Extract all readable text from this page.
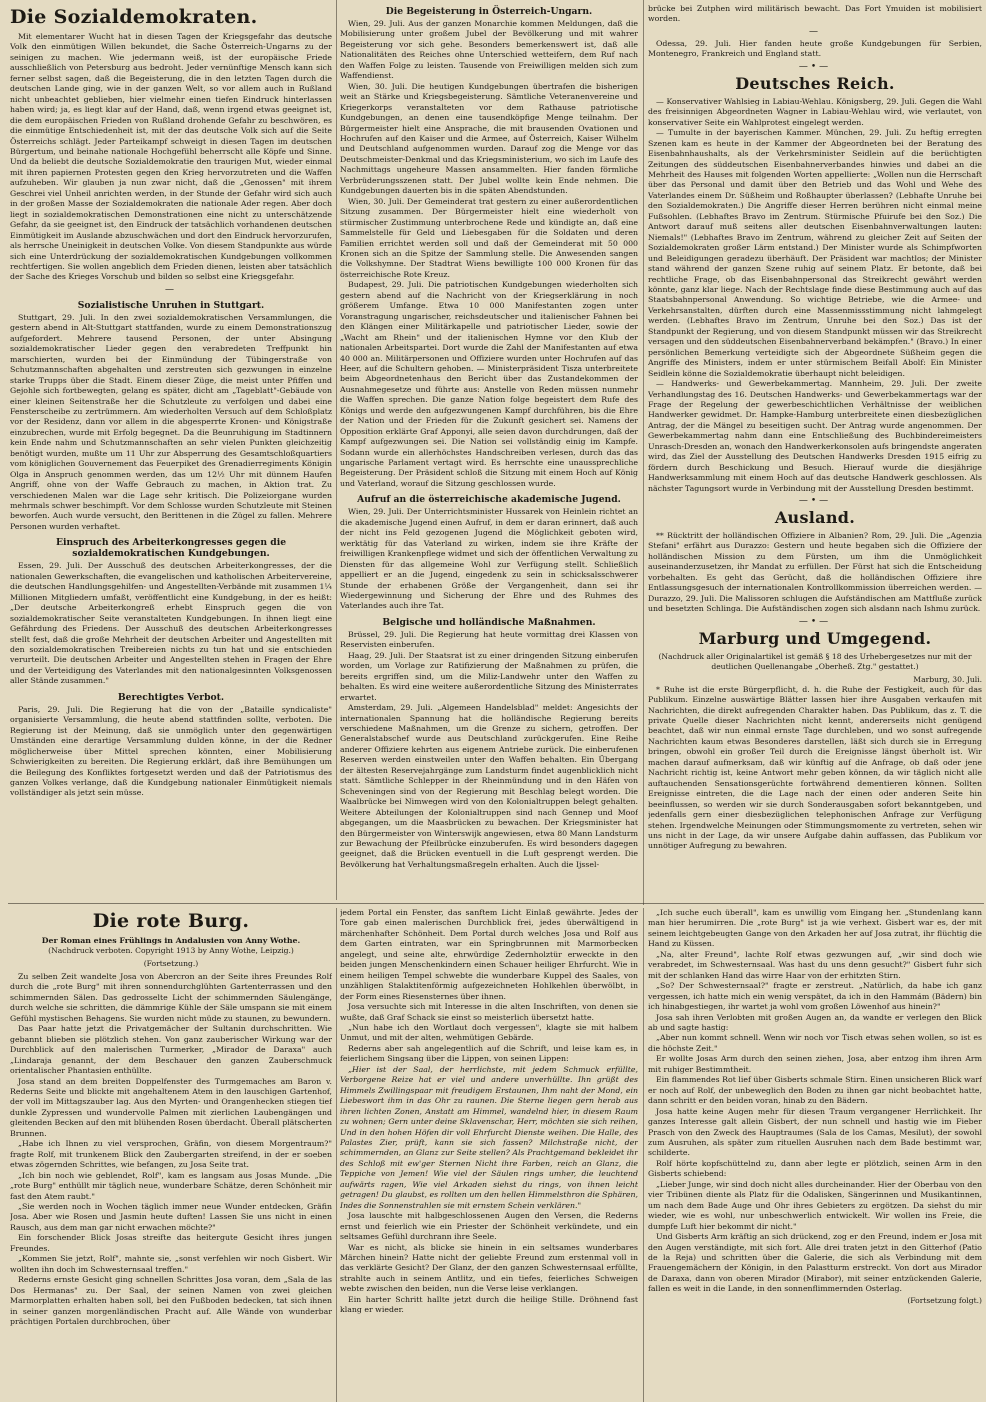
Die Sozialdemokraten.

Mit elementarer Wucht hat in diesen Tagen der Kriegsgefahr das deutsche Volk den einmütigen Willen bekundet, die Sache Österreich-Ungarns zu der seinigen zu machen. Wie jedermann weiß, ist der europäische Friede ausschließlich von Petersburg aus bedroht. Jeder vernünftige Mensch kann sich ferner selbst sagen, daß die Begeisterung, die in den letzten Tagen durch die deutschen Lande ging, wie in der ganzen Welt, so vor allem auch in Rußland nicht unbeachtet geblieben, hier vielmehr einen tiefen Eindruck hinterlassen haben wird; ja, es liegt klar auf der Hand, daß, wenn irgend etwas geeignet ist, die dem europäischen Frieden von Rußland drohende Gefahr zu beschwören, es die einmütige Entschiedenheit ist, mit der das deutsche Volk sich auf die Seite Österreichs schlägt. Jeder Parteikampf schweigt in diesen Tagen im deutschen Bürgertum, und beinahe nationale Hochgefühl beherrscht alle Köpfe und Sinne. Und da beliebt die deutsche Sozialdemokratie den traurigen Mut, wieder einmal mit ihren papiernen Protesten gegen den Krieg hervorzutreten und die Waffen aufzuheben. Wir glauben ja nun zwar nicht, daß die „Genossen" mit ihrem Geschrei viel Unheil anrichten werden, in der Stunde der Gefahr wird sich auch in der großen Masse der Sozialdemokraten die nationale Ader regen. Aber doch liegt in sozialdemokratischen Demonstrationen eine nicht zu unterschätzende Gefahr, da sie geeignet ist, den Eindruck der tatsächlich vorhandenen deutschen Einmütigkeit im Auslande abzuschwächen und dort den Eindruck hervorzurufen, als herrsche Uneinigkeit in deutschen Volke. Von diesem Standpunkte aus würde sich eine Unterdrückung der sozialdemokratischen Kundgebungen vollkommen rechtfertigen. Sie wollen angeblich dem Frieden dienen, leisten aber tatsächlich der Sache des Krieges Vorschub und bilden so selbst eine Kriegsgefahr.

—
Sozialistische Unruhen in Stuttgart.

Stuttgart, 29. Juli. In den zwei sozialdemokratischen Versammlungen, die gestern abend in Alt-Stuttgart stattfanden, wurde zu einem Demonstrationszug aufgefordert. Mehrere tausend Personen, der unter Absingung sozialdemokratischer Lieder gegen den verabredeten Treffpunkt hin marschierten, wurden bei der Einmündung der Tübingerstraße von Schutzmannschaften abgehalten und zerstreuten sich gezwungen in einzelne starke Trupps über die Stadt. Einem dieser Züge, die meist unter Pfiffen und Gejohle sich fortbewegten, gelang es später, dicht am „Tageblatt"-Gebäude von einer kleinen Seitenstraße her die Schutzleute zu verfolgen und dabei eine Fensterscheibe zu zertrümmern. Am wiederholten Versuch auf dem Schloßplatz vor der Residenz, dann vor allem in die abgesperrte Kronen- und Königstraße einzubrechen, wurde mit Erfolg begegnet. Da die Beunruhigung im Stadtinnern kein Ende nahm und Schutzmannschaften an sehr vielen Punkten gleichzeitig benötigt wurden, mußte um 11 Uhr zur Absperrung des Gesamtschloßquartiers vom königlichen Gouvernement das Feuerpiket des Grenadierregiments Königin Olga in Anspruch genommen werden, das um 12½ Uhr mit dünnem Haufen Angriff, ohne von der Waffe Gebrauch zu machen, in Aktion trat. Zu verschiedenen Malen war die Lage sehr kritisch. Die Polizeiorgane wurden mehrmals schwer beschimpft. Vor dem Schlosse wurden Schutzleute mit Steinen beworfen. Auch wurde versucht, den Berittenen in die Zügel zu fallen. Mehrere Personen wurden verhaftet.

Einspruch des Arbeiterkongresses gegen die sozialdemokratischen Kundgebungen.

Essen, 29. Juli. Der Ausschuß des deutschen Arbeiterkongresses, der die nationalen Gewerkschaften, die evangelischen und katholischen Arbeitervereine, die deutschen Handlungsgehilfen- und Angestellten-Verbände mit zusammen 1¼ Millionen Mitgliedern umfaßt, veröffentlicht eine Kundgebung, in der es heißt: „Der deutsche Arbeiterkongreß erhebt Einspruch gegen die von sozialdemokratischer Seite veranstalteten Kundgebungen. In ihnen liegt eine Gefährdung des Friedens. Der Ausschuß des deutschen Arbeiterkongresses stellt fest, daß die große Mehrheit der deutschen Arbeiter und Angestellten mit den sozialdemokratischen Treibereien nichts zu tun hat und sie entschieden verurteilt. Die deutschen Arbeiter und Angestellten stehen in Fragen der Ehre und der Verteidigung des Vaterlandes mit den nationalgesinnten Volksgenossen aller Stände zusammen."

Berechtigtes Verbot.

Paris, 29. Juli. Die Regierung hat die von der „Bataille syndicaliste" organisierte Versammlung, die heute abend stattfinden sollte, verboten. Die Regierung ist der Meinung, daß sie unmöglich unter den gegenwärtigen Umständen eine derartige Versammlung dulden könne, in der die Redner möglicherweise über Mittel sprechen könnten, einer Mobilisierung Schwierigkeiten zu bereiten. Die Regierung erklärt, daß ihre Bemühungen um die Beilegung des Konfliktes fortgesetzt werden und daß der Patriotismus des ganzen Volkes verlange, daß die Kundgebung nationaler Einmütigkeit niemals vollständiger als jetzt sein müsse.

Die Begeisterung in Österreich-Ungarn.

Wien, 29. Juli. Aus der ganzen Monarchie kommen Meldungen, daß die Mobilisierung unter großem Jubel der Bevölkerung und mit wahrer Begeisterung vor sich gehe. Besonders bemerkenswert ist, daß alle Nationalitäten des Reiches ohne Unterschied wetteifern, dem Ruf nach den Waffen Folge zu leisten. Tausende von Freiwilligen melden sich zum Waffendienst.

Wien, 30. Juli. Die heutigen Kundgebungen übertrafen die bisherigen weit an Stärke und Kriegsbegeisterung. Sämtliche Veteranenvereine und Kriegerkorps veranstalteten vor dem Rathause patriotische Kundgebungen, an denen eine tausendköpfige Menge teilnahm. Der Bürgermeister hielt eine Ansprache, die mit brausenden Ovationen und Hochrufen auf den Kaiser und die Armee, auf Österreich, Kaiser Wilhelm und Deutschland aufgenommen wurden. Darauf zog die Menge vor das Deutschmeister-Denkmal und das Kriegsministerium, wo sich im Laufe des Nachmittags ungeheure Massen ansammelten. Hier fanden förmliche Verbrüderungsszenen statt. Der Jubel wollte kein Ende nehmen. Die Kundgebungen dauerten bis in die späten Abendstunden.

Wien, 30. Juli. Der Gemeinderat trat gestern zu einer außerordentlichen Sitzung zusammen. Der Bürgermeister hielt eine wiederholt von stürmischer Zustimmung unterbrochene Rede und kündigte an, daß eine Sammelstelle für Geld und Liebesgaben für die Soldaten und deren Familien errichtet werden soll und daß der Gemeinderat mit 50 000 Kronen sich an die Spitze der Sammlung stelle. Die Anwesenden sangen die Volkshymne. Der Stadtrat Wiens bewilligte 100 000 Kronen für das österreichische Rote Kreuz.

Budapest, 29. Juli. Die patriotischen Kundgebungen wiederholten sich gestern abend auf die Nachricht von der Kriegserklärung in noch größerem Umfange. Etwa 10 000 Manifestanten zogen unter Voranstragung ungarischer, reichsdeutscher und italienischer Fahnen bei den Klängen einer Militärkapelle und patriotischer Lieder, sowie der „Wacht am Rhein" und der italienischen Hymne vor den Klub der nationalen Arbeitspartei. Dort wurde die Zahl der Manifestanten auf etwa 40 000 an. Militärpersonen und Offiziere wurden unter Hochrufen auf das Heer, auf die Schultern gehoben. — Ministerpräsident Tisza unterbreitete beim Abgeordnetenhaus den Bericht über das Zustandekommen der Ausnahmegesetze und führte aus: Anstelle von Reden müssen nunmehr die Waffen sprechen. Die ganze Nation folge begeistert dem Rufe des Königs und werde den aufgezwungenen Kampf durchführen, bis die Ehre der Nation und der Frieden für die Zukunft gesichert sei. Namens der Opposition erklärte Graf Apponyi, alle seien davon durchdrungen, daß der Kampf aufgezwungen sei. Die Nation sei vollständig einig im Kampfe. Sodann wurde ein allerhöchstes Handschreiben verlesen, durch das das ungarische Parlament vertagt wird. Es herrschte eine unaussprechliche Begeisterung. Der Präsident schloß die Sitzung mit einem Hoch auf König und Vaterland, worauf die Sitzung geschlossen wurde.

Aufruf an die österreichische akademische Jugend.

Wien, 29. Juli. Der Unterrichtsminister Hussarek von Heinlein richtet an die akademische Jugend einen Aufruf, in dem er daran erinnert, daß auch der nicht ins Feld gezogenen Jugend die Möglichkeit geboten wird, werktätig für das Vaterland zu wirken, indem sie ihre Kräfte der freiwilligen Krankenpflege widmet und sich der öffentlichen Verwaltung zu Diensten für das allgemeine Wohl zur Verfügung stellt. Schließlich appelliert er an die Jugend, eingedenk zu sein in schicksalsschwerer Stunde der erhabenen Größe der Vergangenheit, dann sei ihr Wiedergewinnung und Sicherung der Ehre und des Ruhmes des Vaterlandes auch ihre Tat.

Belgische und holländische Maßnahmen.

Brüssel, 29. Juli. Die Regierung hat heute vormittag drei Klassen von Reservisten einberufen.

Haag, 29. Juli. Der Staatsrat ist zu einer dringenden Sitzung einberufen worden, um Vorlage zur Ratifizierung der Maßnahmen zu prüfen, die bereits ergriffen sind, um die Miliz-Landwehr unter den Waffen zu behalten. Es wird eine weitere außerordentliche Sitzung des Ministerrates erwartet.

Amsterdam, 29. Juli. „Algemeen Handelsblad" meldet: Angesichts der internationalen Spannung hat die holländische Regierung bereits verschiedene Maßnahmen, um die Grenze zu sichern, getroffen. Der Generalstabschef wurde aus Deutschland zurückgerufen. Eine Reihe anderer Offiziere kehrten aus eigenem Antriebe zurück. Die einberufenen Reserven werden einstweilen unter den Waffen behalten. Ein Übergang der ältesten Reservejahrgänge zum Landsturm findet augenblicklich nicht statt. Sämtliche Schlepper in der Rheinmündung und in den Häfen von Scheveningen sind von der Regierung mit Beschlag belegt worden. Die Waalbrücke bei Nimwegen wird von den Kolonialtruppen belegt gehalten. Weitere Abteilungen der Kolonialtruppen sind nach Gennep und Moof abgegangen, um die Maasbrücken zu bewachen. Der Kriegsminister hat den Bürgermeister von Winterswijk angewiesen, etwa 80 Mann Landsturm zur Bewachung der Pfeilbrücke einzuberufen. Es wird besonders dagegen geeignet, daß die Brücken eventuell in die Luft gesprengt werden. Die Bevölkerung hat Verhaltungsmaßregeln erhalten. Auch die Ijssel-

brücke bei Zutphen wird militärisch bewacht. Das Fort Ymuiden ist mobilisiert worden.

—

Odessa, 29. Juli. Hier fanden heute große Kundgebungen für Serbien, Montenegro, Frankreich und England statt.

—•—
Deutsches Reich.

— Konservativer Wahlsieg in Labiau-Wehlau. Königsberg, 29. Juli. Gegen die Wahl des freisinnigen Abgeordneten Wagner in Labiau-Wehlau wird, wie verlautet, von konservativer Seite ein Wahlprotest eingelegt werden.

— Tumulte in der bayerischen Kammer. München, 29. Juli. Zu heftig erregten Szenen kam es heute in der Kammer der Abgeordneten bei der Beratung des Eisenbahnhaushalts, als der Verkehrsminister Seidlein auf die berüchtigten Zeitungen des süddeutschen Eisenbahnerverbandes hinwies und dabei an die Mehrheit des Hauses mit folgenden Worten appellierte: „Wollen nun die Herrschaft über das Personal und damit über den Betrieb und das Wohl und Wehe des Vaterlandes einem Dr. Süßheim und Roßhaupter überlassen? (Lebhafte Unruhe bei den Sozialdemokraten.) Die Angriffe dieser Herren berühren nicht einmal meine Fußsohlen. (Lebhaftes Bravo im Zentrum. Stürmische Pfuirufe bei den Soz.) Die Antwort darauf muß seitens aller deutschen Eisenbahnverwaltungen lauten: Niemals!" (Lebhaftes Bravo im Zentrum, während zu gleicher Zeit auf Seiten der Sozialdemokraten großer Lärm entstand.) Der Minister wurde als Schimpfworten und Beleidigungen geradezu überhäuft. Der Präsident war machtlos; der Minister stand während der ganzen Szene ruhig auf seinem Platz. Er betonte, daß bei rechtliche Frage, ob das Eisenbahnpersonal das Streikrecht gewährt werden könnte, ganz klar liege. Nach der Rechtslage finde diese Bestimmung auch auf das Staatsbahnpersonal Anwendung. So wichtige Betriebe, wie die Armee- und Verkehrsanstalten, dürften durch eine Massenmissstimmung nicht lahmgelegt werden. (Lebhaftes Bravo im Zentrum, Unruhe bei den Soz.) Das ist der Standpunkt der Regierung, und von diesem Standpunkt müssen wir das Streikrecht versagen und den süddeutschen Eisenbahnerverband bekämpfen." (Bravo.) In einer persönlichen Bemerkung verteidigte sich der Abgeordnete Süßheim gegen die Angriffe des Ministers, indem er unter stürmischem Beifall Abolf: Ein Minister Seidlein könne die Sozialdemokratie überhaupt nicht beleidigen.

— Handwerks- und Gewerbekammertag. Mannheim, 29. Juli. Der zweite Verhandlungstag des 16. Deutschen Handwerks- und Gewerbekammertags war der Frage der Regelung der gewerbeschichtlichen Verhältnisse der weiblichen Handwerker gewidmet. Dr. Hampke-Hamburg unterbreitete einen diesbezüglichen Antrag, der die Mängel zu beseitigen sucht. Der Antrag wurde angenommen. Der Gewerbekammertag nahm dann eine Entschließung des Buchbindereimeisters Unrasch-Dresden an, wonach den Handwerkerkonsolen aufs bringendste angeraten wird, das Ziel der Ausstellung des Deutschen Handwerks Dresden 1915 eifrig zu fördern durch Beschickung und Besuch. Hierauf wurde die diesjährige Handwerksammlung mit einem Hoch auf das deutsche Handwerk geschlossen. Als nächster Tagungsort wurde in Verbindung mit der Ausstellung Dresden bestimmt.

—•—
Ausland.

** Rücktritt der holländischen Offiziere in Albanien? Rom, 29. Juli. Die „Agenzia Stefani" erfährt aus Durazzo: Gestern und heute begaben sich die Offiziere der holländischen Mission zu dem Fürsten, um ihm die Unmöglichkeit auseinanderzusetzen, ihr Mandat zu erfüllen. Der Fürst hat sich die Entscheidung vorbehalten. Es geht das Gerücht, daß die holländischen Offiziere ihre Entlassungsgesuch der internationalen Kontrollkommission überreichen werden. — Durazzo, 29. Juli. Die Malissoren schlugen die Aufständischen am Mattfluße zurück und besetzten Schlinga. Die Aufständischen zogen sich alsdann nach Ishmu zurück.

—•—
Marburg und Umgegend.
(Nachdruck aller Originalartikel ist gemäß § 18 des Urhebergesetzes nur mit der deutlichen Quellenangabe „Oberheß. Ztg." gestattet.)
Marburg, 30. Juli.

* Ruhe ist die erste Bürgerpflicht, d. h. die Ruhe der Festigkeit, auch für das Publikum. Einzelne auswärtige Blätter lassen hier ihre Ausgaben verkaufen mit Nachrichten, die direkt aufregenden Charakter haben. Das Publikum, das z. T. die private Quelle dieser Nachrichten nicht kennt, andererseits nicht genügend beachtet, daß wir nun einmal ernste Tage durchleben, und wo sonst aufregende Nachrichten kaum etwas Besonderes darstellen, läßt sich durch sie in Erregung bringen, obwohl ein großer Teil durch die Ereignisse längst überholt ist. Wir machen darauf aufmerksam, daß wir künftig auf die Anfrage, ob daß oder jene Nachricht richtig ist, keine Antwort mehr geben können, da wir täglich nicht alle auftauchenden Sensationsgerüchte fortwährend dementieren können. Sollten Ereignisse eintreten, die die Lage nach der einen oder anderen Seite hin beeinflussen, so werden wir sie durch Sonderausgaben sofort bekanntgeben, und jedenfalls gern einer diesbezüglichen telephonischen Anfrage zur Verfügung stehen. Irgendwelche Meinungen oder Stimmungsmomente zu vertreten, sehen wir uns nicht in der Lage, da wir unsere Aufgabe dahin auffassen, das Publikum vor unnötiger Aufregung zu bewahren.

Die rote Burg.
Der Roman eines Frühlings in Andalusien von Anny Wothe.
(Nachdruck verboten. Copyright 1913 by Anny Wothe, Leipzig.)
(Fortsetzung.)

Zu selben Zeit wandelte Josa von Abercron an der Seite ihres Freundes Rolf durch die „rote Burg" mit ihren sonnendurchglühten Gartenterrassen und den schimmernden Sälen. Das gedrosselte Licht der schimmernden Säulengänge, durch welche sie schritten, die dämmrige Kühle der Säle umspann sie mit einem Gefühl mystischen Behagens. Sie wurden nicht müde zu staunen, zu bewundern.

Das Paar hatte jetzt die Privatgemächer der Sultanin durchschritten. Wie gebannt blieben sie plötzlich stehen. Von ganz zauberischer Wirkung war der Durchblick auf den malerischen Turmerker, „Mirador de Daraxa" auch „Lindaraja genannt, der dem Beschauer den ganzen Zauberschmuck orientalischer Phantasien enthüllte.

Josa stand an dem breiten Doppelfenster des Turmgemaches am Baron v. Rederns Seite und blickte mit angehaltenem Atem in den lauschigen Gartenhof, der voll im Mittagszauber lag. Aus den Myrten- und Orangenhecken stiegen tief dunkle Zypressen und wundervolle Palmen mit zierlichen Laubengängen und gleitenden Becken auf den mit blühenden Rosen überdacht. Überall plätscherten Brunnen.

„Habe ich Ihnen zu viel versprochen, Gräfin, von diesem Morgentraum?" fragte Rolf, mit trunkenem Blick den Zaubergarten streifend, in der er soeben etwas zögernden Schrittes, wie befangen, zu Josa Seite trat.

„Ich bin noch wie geblendet, Rolf", kam es langsam aus Josas Munde. „Die „rote Burg" enthüllt mir täglich neue, wunderbare Schätze, deren Schönheit mir fast den Atem raubt."

„Sie werden noch in Wochen täglich immer neue Wunder entdecken, Gräfin Josa. Aber wie Rosen und Jasmin heute duften! Lassen Sie uns nicht in einen Rausch, aus dem man gar nicht erwachen möchte?"

Ein forschender Blick Josas streifte das heitergute Gesicht ihres jungen Freundes.

„Kommen Sie jetzt, Rolf", mahnte sie, „sonst verfehlen wir noch Gisbert. Wir wollten ihn doch im Schwesternsaal treffen."

Rederns ernste Gesicht ging schnellen Schrittes Josa voran, dem „Sala de las Dos Hermanas" zu. Der Saal, der seinen Namen von zwei gleichen Marmorplatten erhalten haben soll, bei den Fußboden bedecken, tat sich ihnen in seiner ganzen morgenländischen Pracht auf. Alle Wände von wunderbar prächtigen Portalen durchbrochen, über

jedem Portal ein Fenster, das sanftem Licht Einlaß gewährte. Jedes der Tore gab einen malerischen Durchblick frei, jedes überwältigend in märchenhafter Schönheit. Dem Portal durch welches Josa und Rolf aus dem Garten eintraten, war ein Springbrunnen mit Marmorbecken angelegt, und seine alte, ehrwürdige Zedernholztür erweckte in den beiden jungen Menschenkindern einen Schauer heiliger Ehrfurcht. Wie in einem heiligen Tempel schwebte die wunderbare Kuppel des Saales, von unzähligen Stalaktitenförmig aufgezeichneten Hohlkehlen überwölbt, in der Form eines Riesensternes über ihnen.

Josa versuchte sich mit Interesse in die alten Inschriften, von denen sie wußte, daß Graf Schack sie einst so meisterlich übersetzt hatte.

„Nun habe ich den Wortlaut doch vergessen", klagte sie mit halbem Unmut, und mit der alten, wehmütigen Gebärde.

Rederns aber sah angelegentlich auf die Schrift, und leise kam es, in feierlichem Singsang über die Lippen, von seinen Lippen:

„Hier ist der Saal, der herrlichste, mit jedem Schmuck erfüllte, Verborgene Reize hat er viel und andere unverhüllte. Ihn grüßt des Himmels Zwillingspaar mit freudigem Erstaunen, Ihm naht der Mond, ein Liebeswort ihm in das Ohr zu raunen. Die Sterne liegen gern herab aus ihren lichten Zonen, Anstatt am Himmel, wandelnd hier, in diesem Raum zu wohnen; Gern unter deine Sklavenschar, Herr, möchten sie sich reihen, Und in den hohen Höfen dir voll Ehrfurcht Dienste weihen. Die Halle, des Palastes Zier, prüft, kann sie sich fassen? Milchstraße nicht, der schimmernden, an Glanz zur Seite stellen? Als Prachtgemand bekleidet ihr des Schloß mit ew'ger Sternen Nicht ihre Farben, reich an Glanz, die Teppiche von Jemen! Wie viel der Säulen rings umher, die leuchtend aufwärts ragen, Wie viel Arkaden siehst du rings, von ihnen leicht getragen! Du glaubst, es rollten um den hellen Himmelsthron die Sphären, Indes die Sonnenstrahlen sie mit ernstem Schein verklären."

Josa lauschte mit halbgeschlossenen Augen den Versen, die Rederns ernst und feierlich wie ein Priester der Schönheit verkündete, und ein seltsames Gefühl durchrann ihre Seele.

War es nicht, als blicke sie hinein in ein seltsames wunderbares Märchen hinein? Hatte nicht der geliebte Freund zum erstenmal voll in das verklärte Gesicht? Der Glanz, der den ganzen Schwesternsaal erfüllte, strahlte auch in seinem Antlitz, und ein tiefes, feierliches Schweigen webte zwischen den beiden, nun die Verse leise verklangen.

Ein harter Schritt hallte jetzt durch die heilige Stille. Dröhnend fast klang er wieder.

„Ich suche euch überall", kam es unwillig vom Eingang her. „Stundenlang kann man hier herumirren. Die „rote Burg" ist ja wie verhext. Gisbert war es, der mit seinem leichtgebeugten Gange von den Arkaden her auf Josa zutrat, ihr flüchtig die Hand zu Küssen.

„Na, alter Freund", lachte Rolf etwas gezwungen auf, „wir sind doch wie verabredet, im Schwesternsaal. Was hast du uns denn gesucht?" Gisbert fuhr sich mit der schlanken Hand das wirre Haar von der erhitzten Stirn.

„So? Der Schwesternsaal?" fragte er zerstreut. „Natürlich, da habe ich ganz vergessen, ich hatte mich ein wenig verspätet, da ich in den Hammám (Bädern) bin ich hinabgestiegen, ihr wartet ja wohl vom großen Löwenhof aus hinein?"

Josa sah ihren Verlobten mit großen Augen an, da wandte er verlegen den Blick ab und sagte hastig:

„Aber nun kommt schnell. Wenn wir noch vor Tisch etwas sehen wollen, so ist es die höchste Zeit."

Er wollte Josas Arm durch den seinen ziehen, Josa, aber entzog ihm ihren Arm mit ruhiger Bestimmtheit.

Ein flammendes Rot lief über Gisberts schmale Stirn. Einen unsicheren Blick warf er noch auf Rolf, der unbeweglich den Boden zu ihnen gar nicht beobachtet hatte, dann schritt er den beiden voran, hinab zu den Bädern.

Josa hatte keine Augen mehr für diesen Traum vergangener Herrlichkeit. Ihr ganzes Interesse galt allein Gisbert, der nun schnell und hastig wie im Fieber Prasch von den Zweck des Hauptraumes (Sala de los Camas, Mesilut), der sowohl zum Ausruhen, als später zum rituellen Ausruhen nach dem Bade bestimmt war, schilderte.

Rolf hörte kopfschüttelnd zu, dann aber legte er plötzlich, seinen Arm in den Gisberts schiebend:

„Lieber Junge, wir sind doch nicht alles durcheinander. Hier der Oberbau von den vier Tribünen diente als Platz für die Odalisken, Sängerinnen und Musikantinnen, um nach dem Bade Auge und Ohr ihres Gebieters zu ergötzen. Da siehst du mir wieder, wie es wohl, nur unbeschwerlich entwickelt. Wir wollen ins Freie, die dumpfe Luft hier bekommt dir nicht."

Und Gisberts Arm kräftig an sich drückend, zog er den Freund, indem er Josa mit den Augen verständigte, mit sich fort. Alle drei traten jetzt in den Gitterhof (Patio de la Reja) und schritten über die Galerie, die sich als Verbindung mit dem Frauengemächern der Königin, in den Palastturm erstreckt. Von dort aus Mirador de Daraxa, dann von oberen Mirador (Mirabor), mit seiner entzückenden Galerie, fallen es weit in die Lande, in den sonnenflimmernden Osterlag.

(Fortsetzung folgt.)
